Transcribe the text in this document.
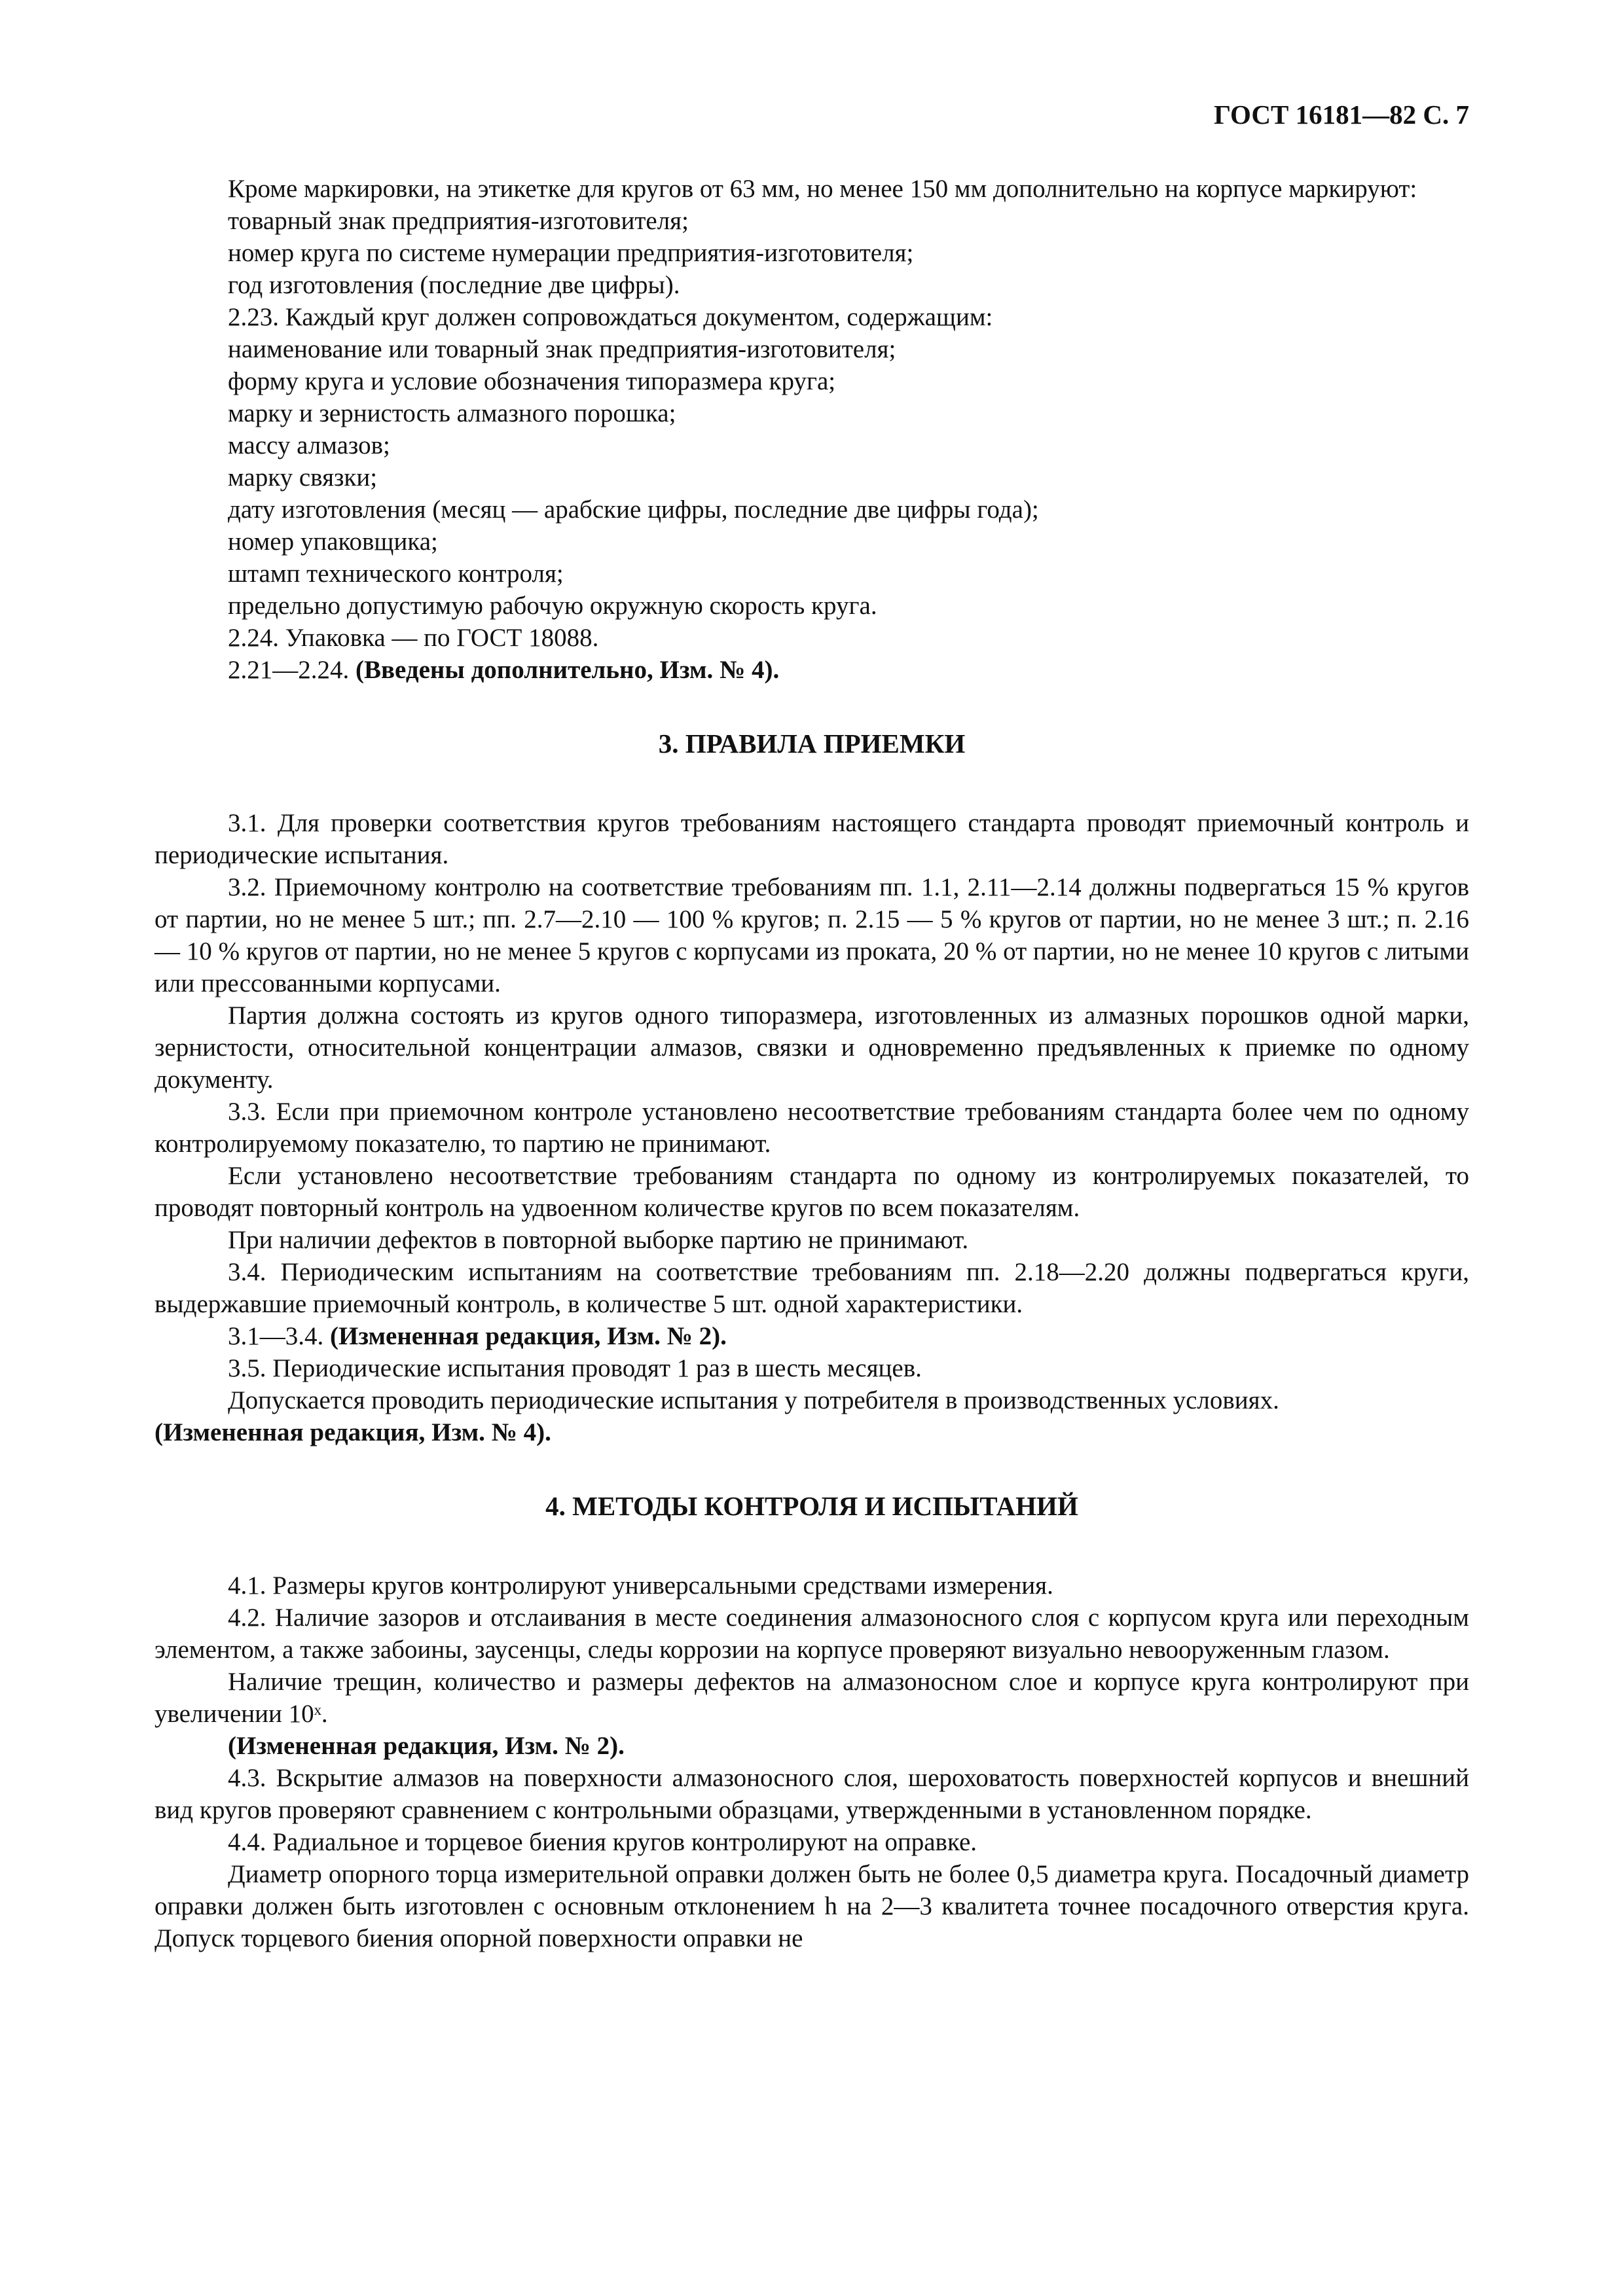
ГОСТ 16181—82 С. 7

Кроме маркировки, на этикетке для кругов от 63 мм, но менее 150 мм дополнительно на корпусе маркируют:

товарный знак предприятия-изготовителя;

номер круга по системе нумерации предприятия-изготовителя;

год изготовления (последние две цифры).

2.23. Каждый круг должен сопровождаться документом, содержащим:

наименование или товарный знак предприятия-изготовителя;

форму круга и условие обозначения типоразмера круга;

марку и зернистость алмазного порошка;

массу алмазов;

марку связки;

дату изготовления (месяц — арабские цифры, последние две цифры года);

номер упаковщика;

штамп технического контроля;

предельно допустимую рабочую окружную скорость круга.

2.24. Упаковка — по ГОСТ 18088.

2.21—2.24. (Введены дополнительно, Изм. № 4).

3. ПРАВИЛА ПРИЕМКИ

3.1. Для проверки соответствия кругов требованиям настоящего стандарта проводят приемочный контроль и периодические испытания.

3.2. Приемочному контролю на соответствие требованиям пп. 1.1, 2.11—2.14 должны подвергаться 15 % кругов от партии, но не менее 5 шт.; пп. 2.7—2.10 — 100 % кругов; п. 2.15 — 5 % кругов от партии, но не менее 3 шт.; п. 2.16 — 10 % кругов от партии, но не менее 5 кругов с корпусами из проката, 20 % от партии, но не менее 10 кругов с литыми или прессованными корпусами.

Партия должна состоять из кругов одного типоразмера, изготовленных из алмазных порошков одной марки, зернистости, относительной концентрации алмазов, связки и одновременно предъявленных к приемке по одному документу.

3.3. Если при приемочном контроле установлено несоответствие требованиям стандарта более чем по одному контролируемому показателю, то партию не принимают.

Если установлено несоответствие требованиям стандарта по одному из контролируемых показателей, то проводят повторный контроль на удвоенном количестве кругов по всем показателям.

При наличии дефектов в повторной выборке партию не принимают.

3.4. Периодическим испытаниям на соответствие требованиям пп. 2.18—2.20 должны подвергаться круги, выдержавшие приемочный контроль, в количестве 5 шт. одной характеристики.

3.1—3.4. (Измененная редакция, Изм. № 2).

3.5. Периодические испытания проводят 1 раз в шесть месяцев.

Допускается проводить периодические испытания у потребителя в производственных условиях.

(Измененная редакция, Изм. № 4).

4. МЕТОДЫ КОНТРОЛЯ И ИСПЫТАНИЙ

4.1. Размеры кругов контролируют универсальными средствами измерения.

4.2. Наличие зазоров и отслаивания в месте соединения алмазоносного слоя с корпусом круга или переходным элементом, а также забоины, заусенцы, следы коррозии на корпусе проверяют визуально невооруженным глазом.

Наличие трещин, количество и размеры дефектов на алмазоносном слое и корпусе круга контролируют при увеличении 10ˣ.

(Измененная редакция, Изм. № 2).

4.3. Вскрытие алмазов на поверхности алмазоносного слоя, шероховатость поверхностей корпусов и внешний вид кругов проверяют сравнением с контрольными образцами, утвержденными в установленном порядке.

4.4. Радиальное и торцевое биения кругов контролируют на оправке.

Диаметр опорного торца измерительной оправки должен быть не более 0,5 диаметра круга. Посадочный диаметр оправки должен быть изготовлен с основным отклонением h на 2—3 квалитета точнее посадочного отверстия круга. Допуск торцевого биения опорной поверхности оправки не
